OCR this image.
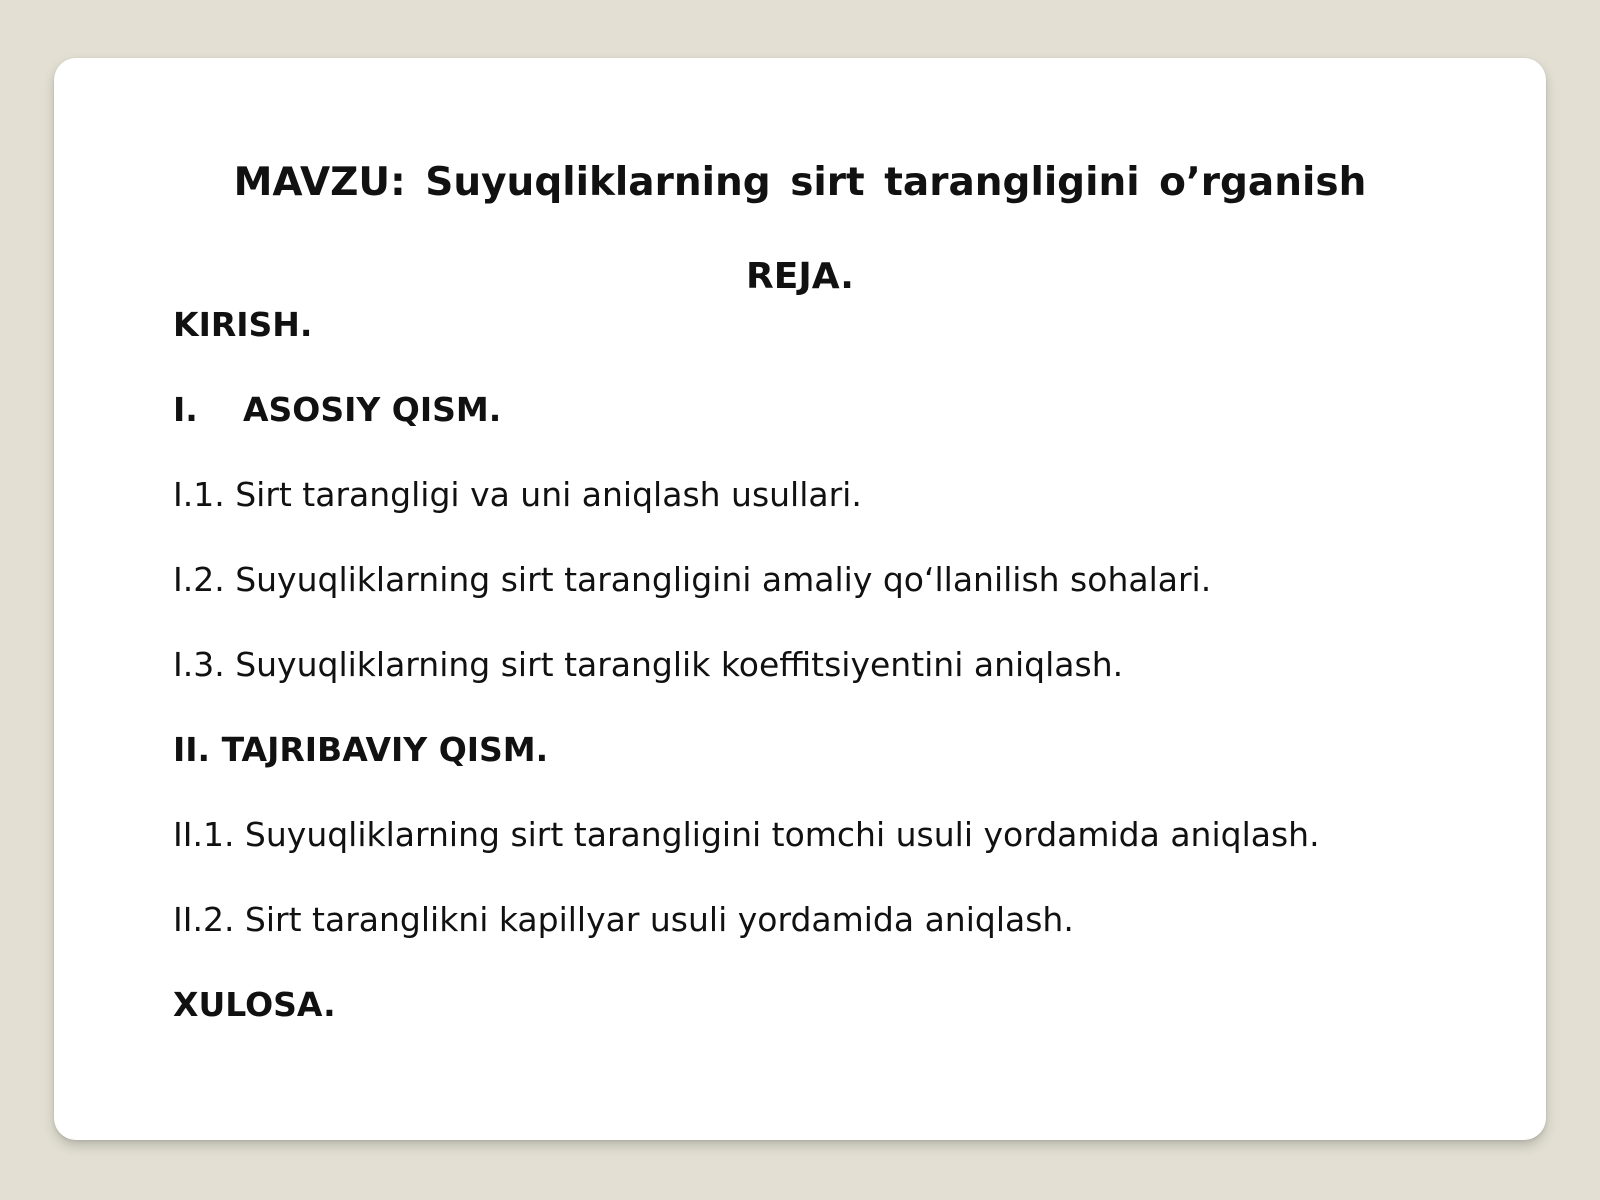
MAVZU: Suyuqliklarning sirt tarangligini o’rganish
REJA.
KIRISH.
I. ASOSIY QISM.
I.1. Sirt tarangligi va uni aniqlash usullari.
I.2. Suyuqliklarning sirt tarangligini amaliy qo‘llanilish sohalari.
I.3. Suyuqliklarning sirt taranglik koeffitsiyentini aniqlash.
II. TAJRIBAVIY QISM.
II.1. Suyuqliklarning sirt tarangligini tomchi usuli yordamida aniqlash.
II.2. Sirt taranglikni kapillyar usuli yordamida aniqlash.
XULOSA.
